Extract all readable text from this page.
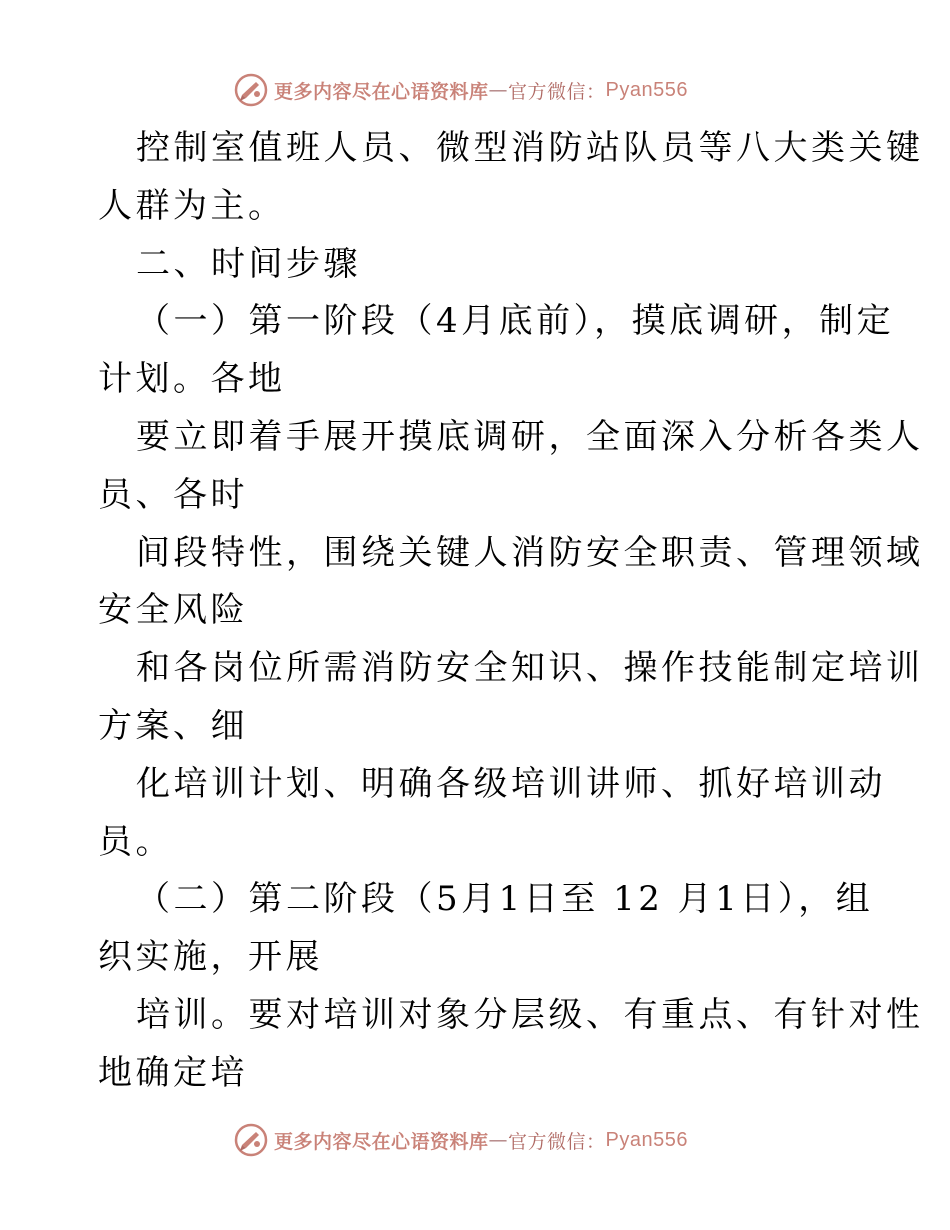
更多内容尽在心语资料库 — 官方微信： Pyan556
控制室值班人员、微型消防站队员等八大类关键
人群为主。
二、时间步骤
（一）第一阶段（4月底前），摸底调研，制定
计划。各地
要立即着手展开摸底调研，全面深入分析各类人
员、各时
间段特性，围绕关键人消防安全职责、管理领域
安全风险
和各岗位所需消防安全知识、操作技能制定培训
方案、细
化培训计划、明确各级培训讲师、抓好培训动
员。
（二）第二阶段（5月1日至 12 月1日），组
织实施，开展
培训。要对培训对象分层级、有重点、有针对性
地确定培
更多内容尽在心语资料库 — 官方微信： Pyan556
